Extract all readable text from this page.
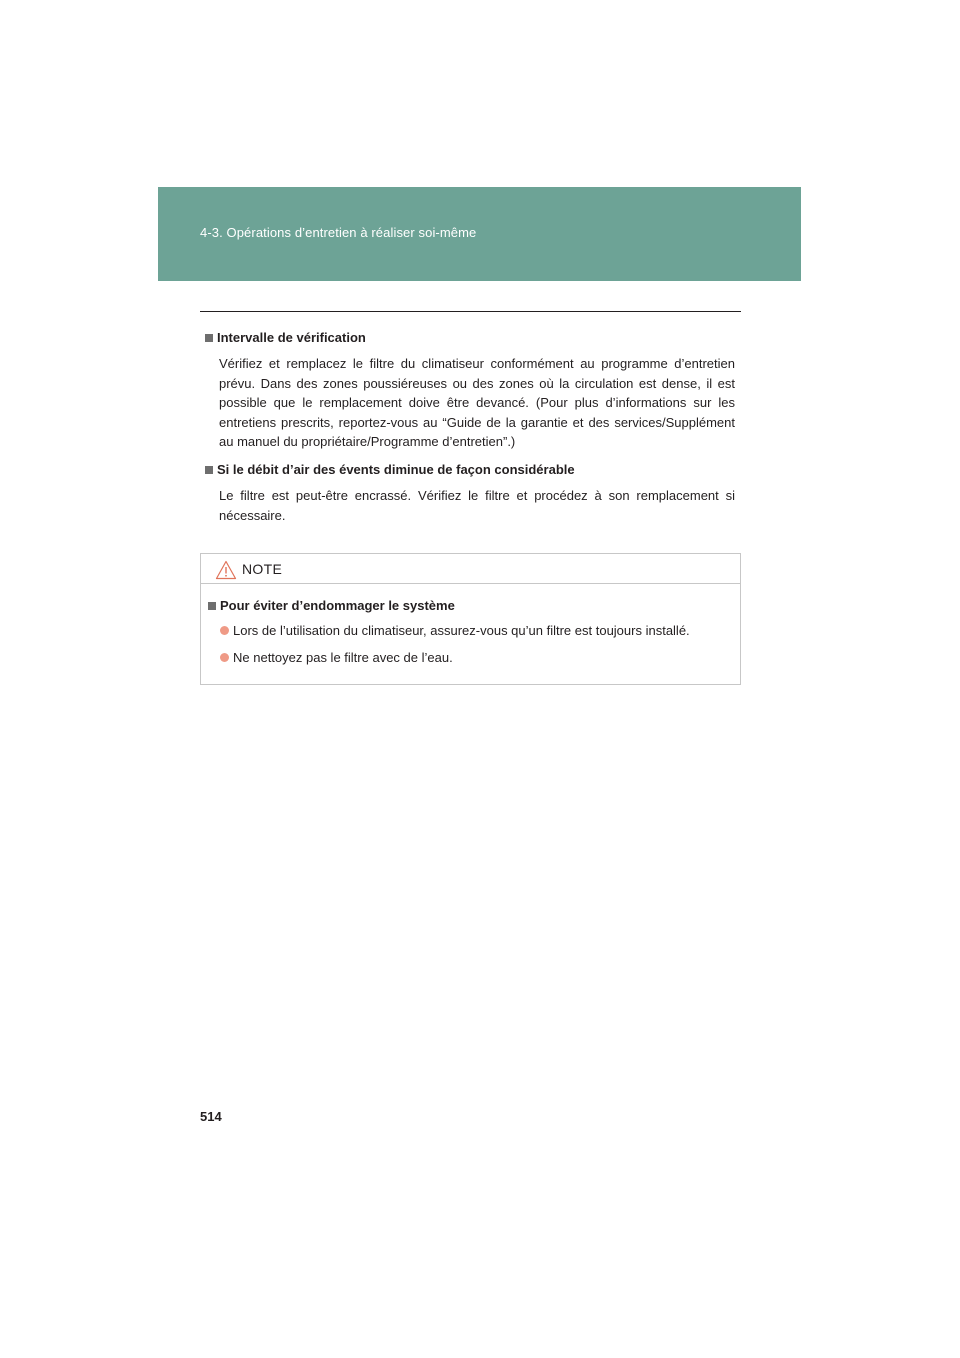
4-3. Opérations d’entretien à réaliser soi-même
Intervalle de vérification
Vérifiez et remplacez le filtre du climatiseur conformément au programme d’entretien prévu. Dans des zones poussiéreuses ou des zones où la circulation est dense, il est possible que le remplacement doive être devancé. (Pour plus d’informations sur les entretiens prescrits, reportez-vous au “Guide de la garantie et des services/Supplément au manuel du propriétaire/Programme d’entretien”.)
Si le débit d’air des évents diminue de façon considérable
Le filtre est peut-être encrassé. Vérifiez le filtre et procédez à son remplacement si nécessaire.
NOTE
Pour éviter d’endommager le système
Lors de l’utilisation du climatiseur, assurez-vous qu’un filtre est toujours installé.
Ne nettoyez pas le filtre avec de l’eau.
514
